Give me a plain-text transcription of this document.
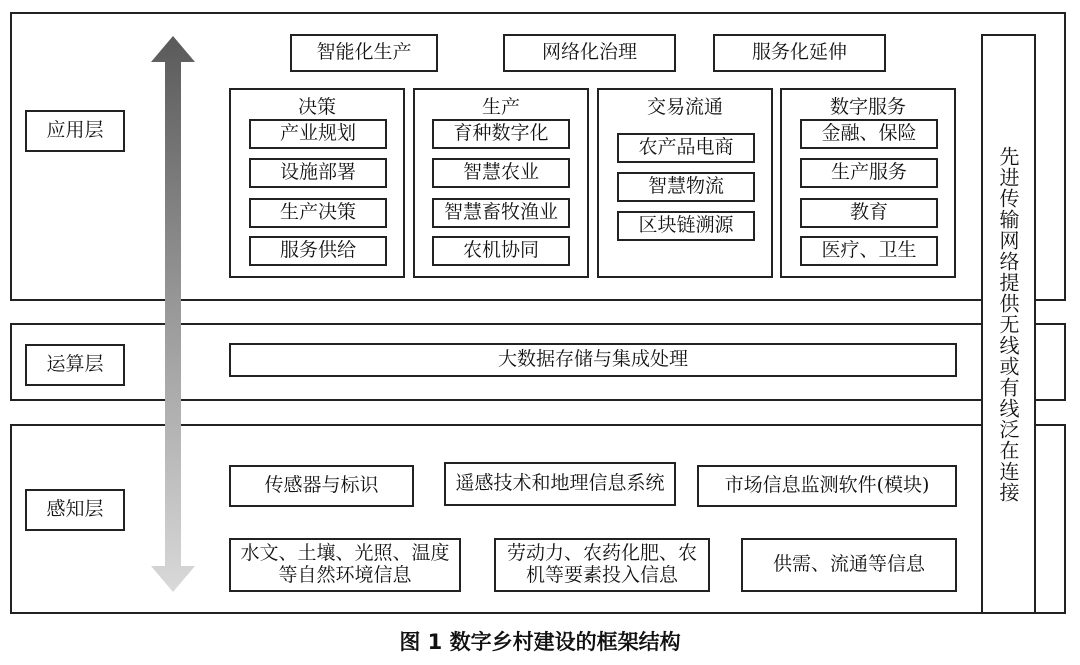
应用层
运算层
感知层
智能化生产	网络化治理	服务化延伸
决策
产业规划
设施部署
生产决策
服务供给
生产
育种数字化
智慧农业
智慧畜牧渔业
农机协同
交易流通
农产品电商
智慧物流
区块链溯源
数字服务
金融、保险
生产服务
教育
医疗、卫生
大数据存储与集成处理
传感器与标识	遥感技术和地理信息系统	市场信息监测软件(模块)
水文、土壤、光照、温度
等自然环境信息
劳动力、农药化肥、农
机等要素投入信息	供需、流通等信息
先进传输网络提供无线或有线泛在连接
图 1 数字乡村建设的框架结构
